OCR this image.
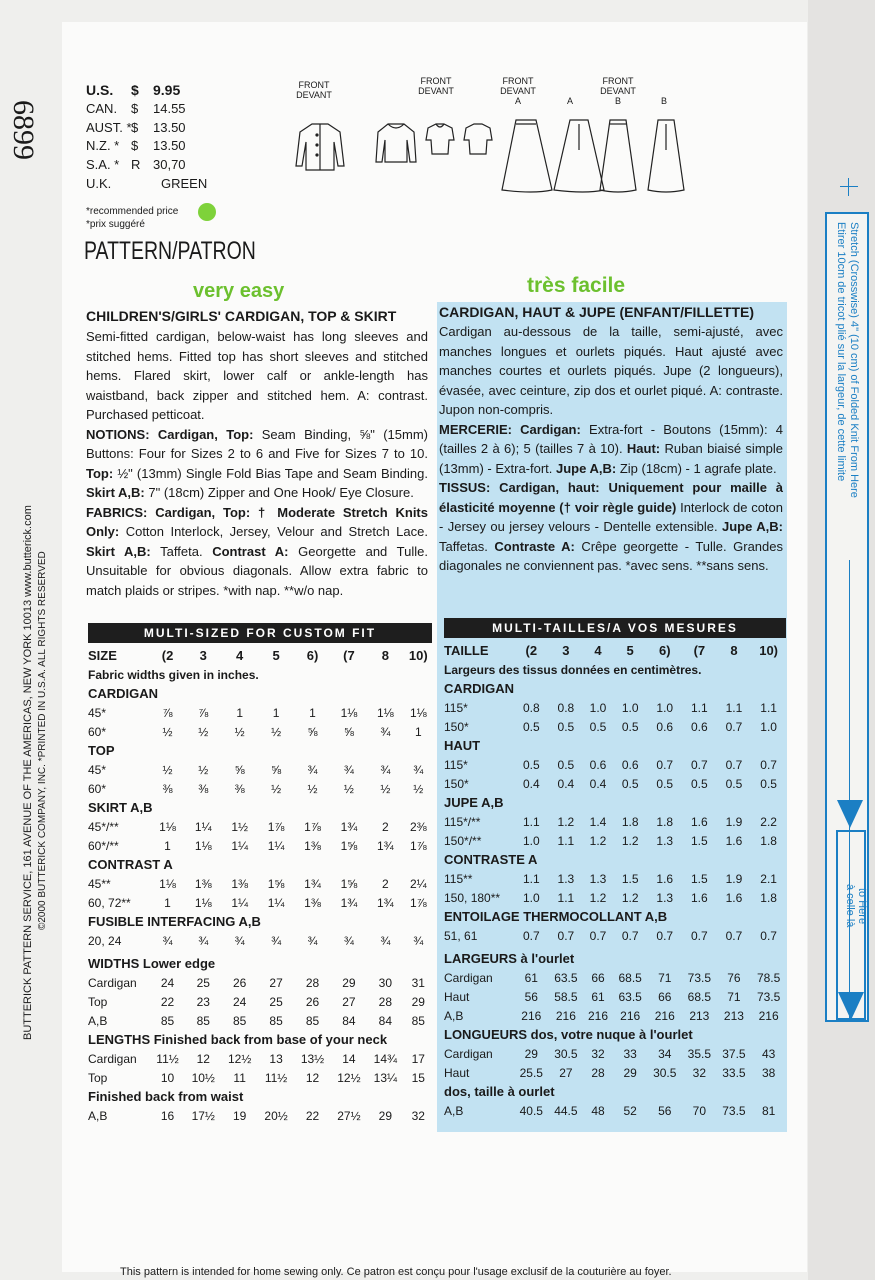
6899
BUTTERICK PATTERN SERVICE, 161 AVENUE OF THE AMERICAS, NEW YORK 10013 www.butterick.com ©2000 BUTTERICK COMPANY, INC. *PRINTED IN U.S.A. ALL RIGHTS RESERVED
U.S. $ 9.95
CAN. $ 14.55
AUST. * $ 13.50
N.Z. * $ 13.50
S.A. * R 30,70
U.K.	GREEN
*recommended price
*prix suggéré
PATTERN/PATRON
FRONT
DEVANT

FRONT
DEVANT

FRONT
DEVANT
A

	A
FRONT
DEVANT
B

	B
very easy
CHILDREN'S/GIRLS' CARDIGAN, TOP & SKIRT
Semi-fitted cardigan, below-waist has long sleeves and stitched hems. Fitted top has short sleeves and stitched hems. Flared skirt, lower calf or ankle-length has waistband, back zipper and stitched hem. A: contrast. Purchased petticoat.
NOTIONS: Cardigan, Top: Seam Binding, ⅝" (15mm) Buttons: Four for Sizes 2 to 6 and Five for Sizes 7 to 10. Top: ½" (13mm) Single Fold Bias Tape and Seam Binding. Skirt A,B: 7" (18cm) Zipper and One Hook/ Eye Closure.
FABRICS: Cardigan, Top: † Moderate Stretch Knits Only: Cotton Interlock, Jersey, Velour and Stretch Lace. Skirt A,B: Taffeta. Contrast A: Georgette and Tulle. Unsuitable for obvious diagonals. Allow extra fabric to match plaids or stripes. *with nap. **w/o nap.
MULTI-SIZED FOR CUSTOM FIT
très facile
CARDIGAN, HAUT & JUPE (ENFANT/FILLETTE)
Cardigan au-dessous de la taille, semi-ajusté, avec manches longues et ourlets piqués. Haut ajusté avec manches courtes et ourlets piqués. Jupe (2 longueurs), évasée, avec ceinture, zip dos et ourlet piqué. A: contraste. Jupon non-compris.
MERCERIE: Cardigan: Extra-fort - Boutons (15mm): 4 (tailles 2 à 6); 5 (tailles 7 à 10). Haut: Ruban biaisé simple (13mm) - Extra-fort. Jupe A,B: Zip (18cm) - 1 agrafe plate.
TISSUS: Cardigan, haut: Uniquement pour maille à élasticité moyenne († voir règle guide) Interlock de coton - Jersey ou jersey velours - Dentelle extensible. Jupe A,B: Taffetas. Contraste A: Crêpe georgette - Tulle. Grandes diagonales ne conviennent pas. *avec sens. **sans sens.
MULTI-TAILLES/A VOS MESURES
SIZE	(2	3	4	5	6)	(7	8	10)
Fabric widths given in inches.								
CARDIGAN								
45*	⅞	⅞	1	1	1	1⅛	1⅛	1⅛
60*	½	½	½	½	⅝	⅝	¾	1
TOP								
45*	½	½	⅝	⅝	¾	¾	¾	¾
60*	⅜	⅜	⅜	½	½	½	½	½
SKIRT A,B								
45*/**	1⅛	1¼	1½	1⅞	1⅞	1¾	2	2⅜
60*/**	1	1⅛	1¼	1¼	1⅜	1⅝	1¾	1⅞
CONTRAST A								
45**	1⅛	1⅜	1⅜	1⅝	1¾	1⅝	2	2¼
60, 72**	1	1⅛	1¼	1¼	1⅜	1¾	1¾	1⅞
FUSIBLE INTERFACING A,B								
20, 24	¾	¾	¾	¾	¾	¾	¾	¾
WIDTHS Lower edge								
Cardigan	24	25	26	27	28	29	30	31
Top	22	23	24	25	26	27	28	29
A,B	85	85	85	85	85	84	84	85
LENGTHS Finished back from base of your neck								
Cardigan	11½	12	12½	13	13½	14	14¾	17
Top	10	10½	11	11½	12	12½	13¼	15
Finished back from waist								
A,B	16	17½	19	20½	22	27½	29	32
TAILLE	(2	3	4	5	6)	(7	8	10)
Largeurs des tissus données en centimètres.								
CARDIGAN								
115*	0.8	0.8	1.0	1.0	1.0	1.1	1.1	1.1
150*	0.5	0.5	0.5	0.5	0.6	0.6	0.7	1.0
HAUT								
115*	0.5	0.5	0.6	0.6	0.7	0.7	0.7	0.7
150*	0.4	0.4	0.4	0.5	0.5	0.5	0.5	0.5
JUPE A,B								
115*/**	1.1	1.2	1.4	1.8	1.8	1.6	1.9	2.2
150*/**	1.0	1.1	1.2	1.2	1.3	1.5	1.6	1.8
CONTRASTE A								
115**	1.1	1.3	1.3	1.5	1.6	1.5	1.9	2.1
150, 180**	1.0	1.1	1.2	1.2	1.3	1.6	1.6	1.8
ENTOILAGE THERMOCOLLANT A,B								
51, 61	0.7	0.7	0.7	0.7	0.7	0.7	0.7	0.7
LARGEURS à l'ourlet								
Cardigan	61	63.5	66	68.5	71	73.5	76	78.5
Haut	56	58.5	61	63.5	66	68.5	71	73.5
A,B	216	216	216	216	216	213	213	216
LONGUEURS dos, votre nuque à l'ourlet								
Cardigan	29	30.5	32	33	34	35.5	37.5	43
Haut	25.5	27	28	29	30.5	32	33.5	38
dos, taille à ourlet								
A,B	40.5	44.5	48	52	56	70	73.5	81
Stretch (Crosswise) 4" (10 cm) of Folded Knit From Here
Etirer 10cm de tricot plié sur la largeur, de cette limite
to Here
à celle là
This pattern is intended for home sewing only. Ce patron est conçu pour l'usage exclusif de la couturière au foyer.
